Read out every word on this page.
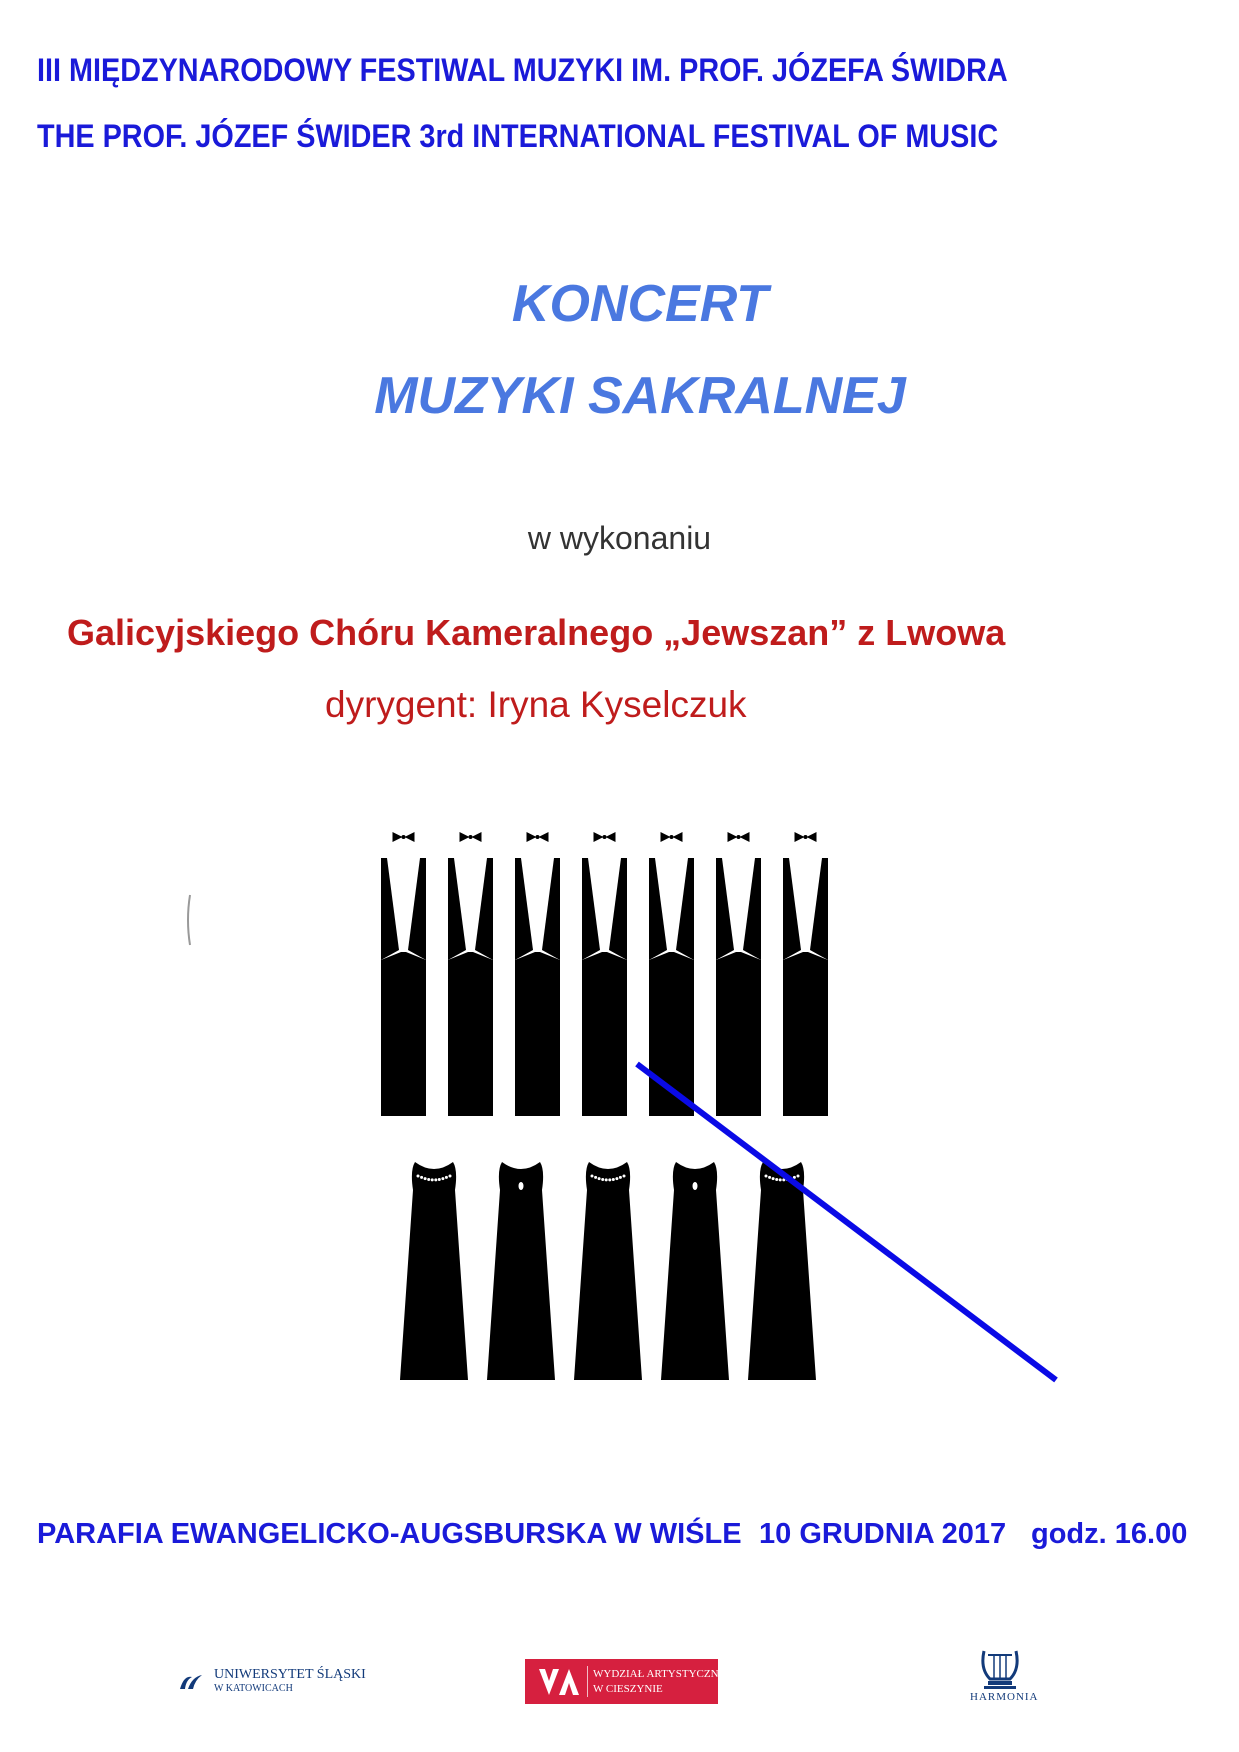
III MIĘDZYNARODOWY FESTIWAL MUZYKI IM. PROF. JÓZEFA ŚWIDRA
THE PROF. JÓZEF ŚWIDER 3rd INTERNATIONAL FESTIVAL OF MUSIC
KONCERT
MUZYKI SAKRALNEJ
w wykonaniu
Galicyjskiego Chóru Kameralnego „Jewszan” z Lwowa
dyrygent: Iryna Kyselczuk
PARAFIA EWANGELICKO-AUGSBURSKA W WIŚLE 10 GRUDNIA 2017 godz. 16.00
UNIWERSYTET ŚLĄSKI
W KATOWICACH
WYDZIAŁ ARTYSTYCZNY
W CIESZYNIE
HARMONIA
